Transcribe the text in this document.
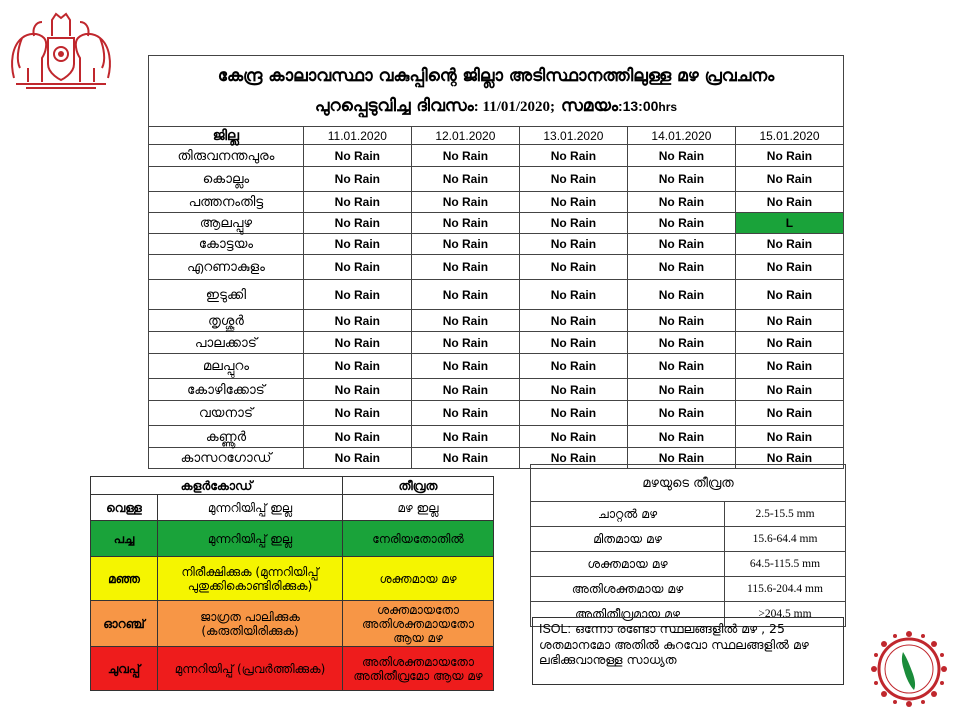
കേന്ദ്ര കാലാവസ്ഥാ വകുപ്പിന്റെ ജില്ലാ അടിസ്ഥാനത്തിലുള്ള മഴ പ്രവചനം
പുറപ്പെടുവിച്ച ദിവസം: 11/01/2020; സമയം:13:00hrs					

ജില്ല	11.01.2020	12.01.2020	13.01.2020	14.01.2020	15.01.2020
തിരുവനന്തപുരം	No Rain	No Rain	No Rain	No Rain	No Rain
കൊല്ലം	No Rain	No Rain	No Rain	No Rain	No Rain
പത്തനംതിട്ട	No Rain	No Rain	No Rain	No Rain	No Rain
ആലപ്പുഴ	No Rain	No Rain	No Rain	No Rain	L
കോട്ടയം	No Rain	No Rain	No Rain	No Rain	No Rain
എറണാകുളം	No Rain	No Rain	No Rain	No Rain	No Rain
ഇടുക്കി	No Rain	No Rain	No Rain	No Rain	No Rain
തൃശ്ശൂർ	No Rain	No Rain	No Rain	No Rain	No Rain
പാലക്കാട്	No Rain	No Rain	No Rain	No Rain	No Rain
മലപ്പുറം	No Rain	No Rain	No Rain	No Rain	No Rain
കോഴിക്കോട്	No Rain	No Rain	No Rain	No Rain	No Rain
വയനാട്	No Rain	No Rain	No Rain	No Rain	No Rain
കണ്ണൂർ	No Rain	No Rain	No Rain	No Rain	No Rain
കാസറഗോഡ്	No Rain	No Rain	No Rain	No Rain	No Rain
കളർകോഡ്		തീവ്രത
വെള്ള	മുന്നറിയിപ്പ് ഇല്ല	മഴ ഇല്ല
പച്ച	മുന്നറിയിപ്പ് ഇല്ല	നേരിയതോതിൽ
മഞ്ഞ	നിരീക്ഷിക്കുക (മുന്നറിയിപ്പ് പുതുക്കികൊണ്ടിരിക്കുക)	ശക്തമായ മഴ
ഓറഞ്ച്	ജാഗ്രത പാലിക്കുക (കരുതിയിരിക്കുക)	ശക്തമായതോ അതിശക്തമായതോ ആയ മഴ
ചുവപ്പ്	മുന്നറിയിപ്പ് (പ്രവർത്തിക്കുക)	അതിശക്തമായതോ അതിതീവ്രമോ ആയ മഴ
മഴയുടെ തീവ്രത	
ചാറ്റൽ മഴ	2.5-15.5 mm
മിതമായ മഴ	15.6-64.4 mm
ശക്തമായ മഴ	64.5-115.5 mm
അതിശക്തമായ മഴ	115.6-204.4 mm
അതിതീവ്രമായ മഴ	>204.5 mm
ISOL: ഒന്നോ രണ്ടോ സ്ഥലങ്ങളിൽ മഴ , 25 ശതമാനമോ അതിൽ കുറവോ സ്ഥലങ്ങളിൽ മഴ ലഭിക്കുവാനുള്ള സാധ്യത
